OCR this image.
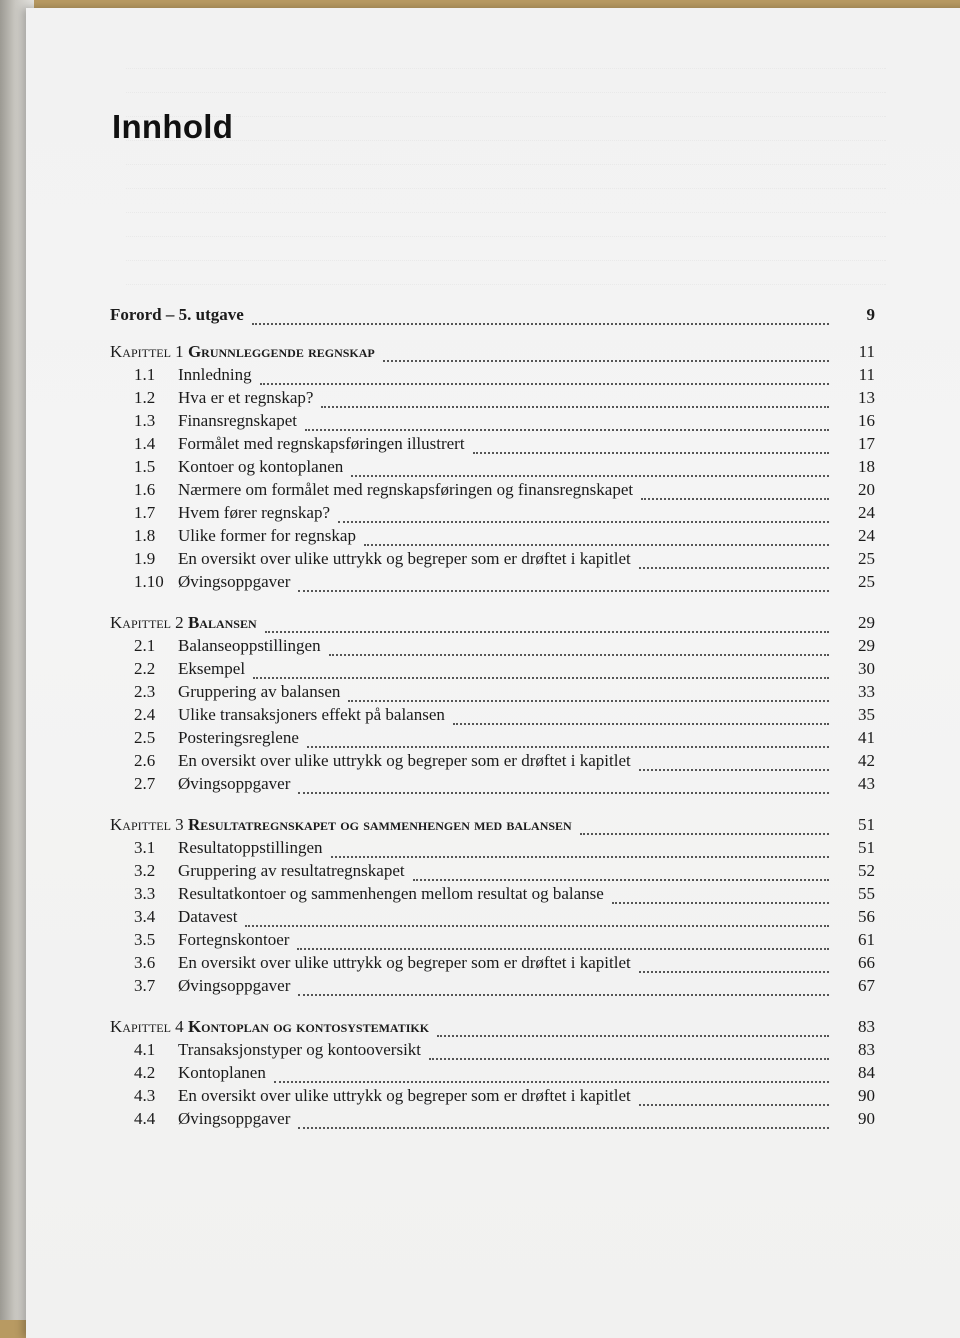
Innhold
Forord – 5. utgave	9
Kapittel 1 Grunnleggende regnskap	11
1.1	Innledning	11
1.2	Hva er et regnskap?	13
1.3	Finansregnskapet	16
1.4	Formålet med regnskapsføringen illustrert	17
1.5	Kontoer og kontoplanen	18
1.6	Nærmere om formålet med regnskapsføringen og finansregnskapet	20
1.7	Hvem fører regnskap?	24
1.8	Ulike former for regnskap	24
1.9	En oversikt over ulike uttrykk og begreper som er drøftet i kapitlet	25
1.10 Øvingsoppgaver	25
Kapittel 2 Balansen	29
2.1	Balanseoppstillingen	29
2.2	Eksempel	30
2.3	Gruppering av balansen	33
2.4	Ulike transaksjoners effekt på balansen	35
2.5	Posteringsreglene	41
2.6	En oversikt over ulike uttrykk og begreper som er drøftet i kapitlet	42
2.7	Øvingsoppgaver	43
Kapittel 3 Resultatregnskapet og sammenhengen med balansen	51
3.1	Resultatoppstillingen	51
3.2	Gruppering av resultatregnskapet	52
3.3	Resultatkontoer og sammenhengen mellom resultat og balanse	55
3.4	Datavest	56
3.5	Fortegnskontoer	61
3.6	En oversikt over ulike uttrykk og begreper som er drøftet i kapitlet	66
3.7	Øvingsoppgaver	67
Kapittel 4 Kontoplan og kontosystematikk	83
4.1	Transaksjonstyper og kontooversikt	83
4.2	Kontoplanen	84
4.3	En oversikt over ulike uttrykk og begreper som er drøftet i kapitlet	90
4.4	Øvingsoppgaver	90
